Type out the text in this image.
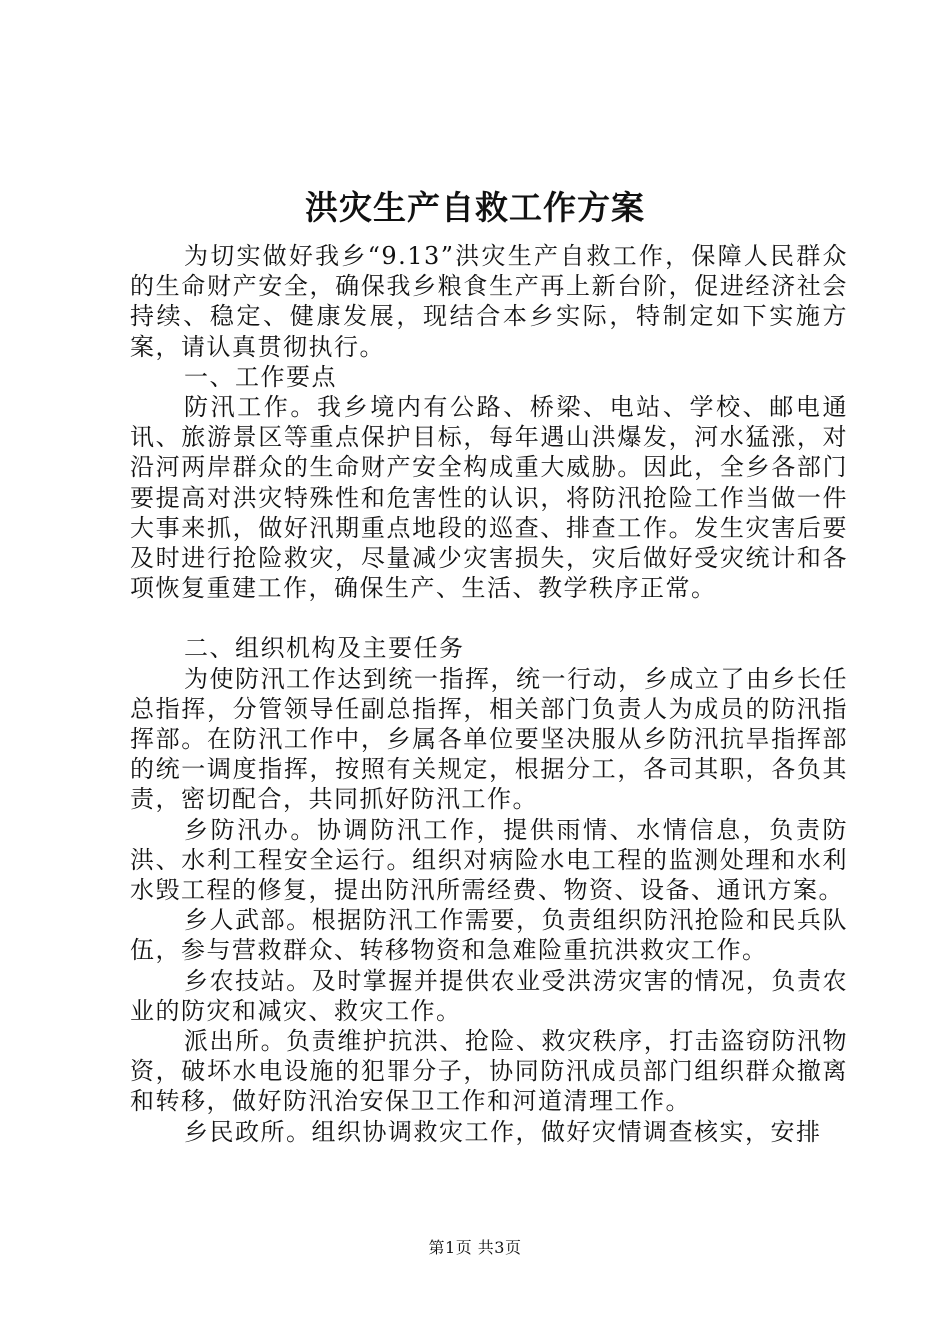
洪灾生产自救工作方案

为切实做好我乡“9.13”洪灾生产自救工作，保障人民群众的生命财产安全，确保我乡粮食生产再上新台阶，促进经济社会持续、稳定、健康发展，现结合本乡实际，特制定如下实施方案，请认真贯彻执行。

一、工作要点

防汛工作。我乡境内有公路、桥梁、电站、学校、邮电通讯、旅游景区等重点保护目标，每年遇山洪爆发，河水猛涨，对沿河两岸群众的生命财产安全构成重大威胁。因此，全乡各部门要提高对洪灾特殊性和危害性的认识，将防汛抢险工作当做一件大事来抓，做好汛期重点地段的巡查、排查工作。发生灾害后要及时进行抢险救灾，尽量减少灾害损失，灾后做好受灾统计和各项恢复重建工作，确保生产、生活、教学秩序正常。

二、组织机构及主要任务

为使防汛工作达到统一指挥，统一行动，乡成立了由乡长任总指挥，分管领导任副总指挥，相关部门负责人为成员的防汛指挥部。在防汛工作中，乡属各单位要坚决服从乡防汛抗旱指挥部的统一调度指挥，按照有关规定，根据分工，各司其职，各负其责，密切配合，共同抓好防汛工作。

乡防汛办。协调防汛工作，提供雨情、水情信息，负责防洪、水利工程安全运行。组织对病险水电工程的监测处理和水利水毁工程的修复，提出防汛所需经费、物资、设备、通讯方案。

乡人武部。根据防汛工作需要，负责组织防汛抢险和民兵队伍，参与营救群众、转移物资和急难险重抗洪救灾工作。

乡农技站。及时掌握并提供农业受洪涝灾害的情况，负责农业的防灾和减灾、救灾工作。

派出所。负责维护抗洪、抢险、救灾秩序，打击盗窃防汛物资，破坏水电设施的犯罪分子，协同防汛成员部门组织群众撤离和转移，做好防汛治安保卫工作和河道清理工作。

乡民政所。组织协调救灾工作，做好灾情调查核实，安排

第1页 共3页
